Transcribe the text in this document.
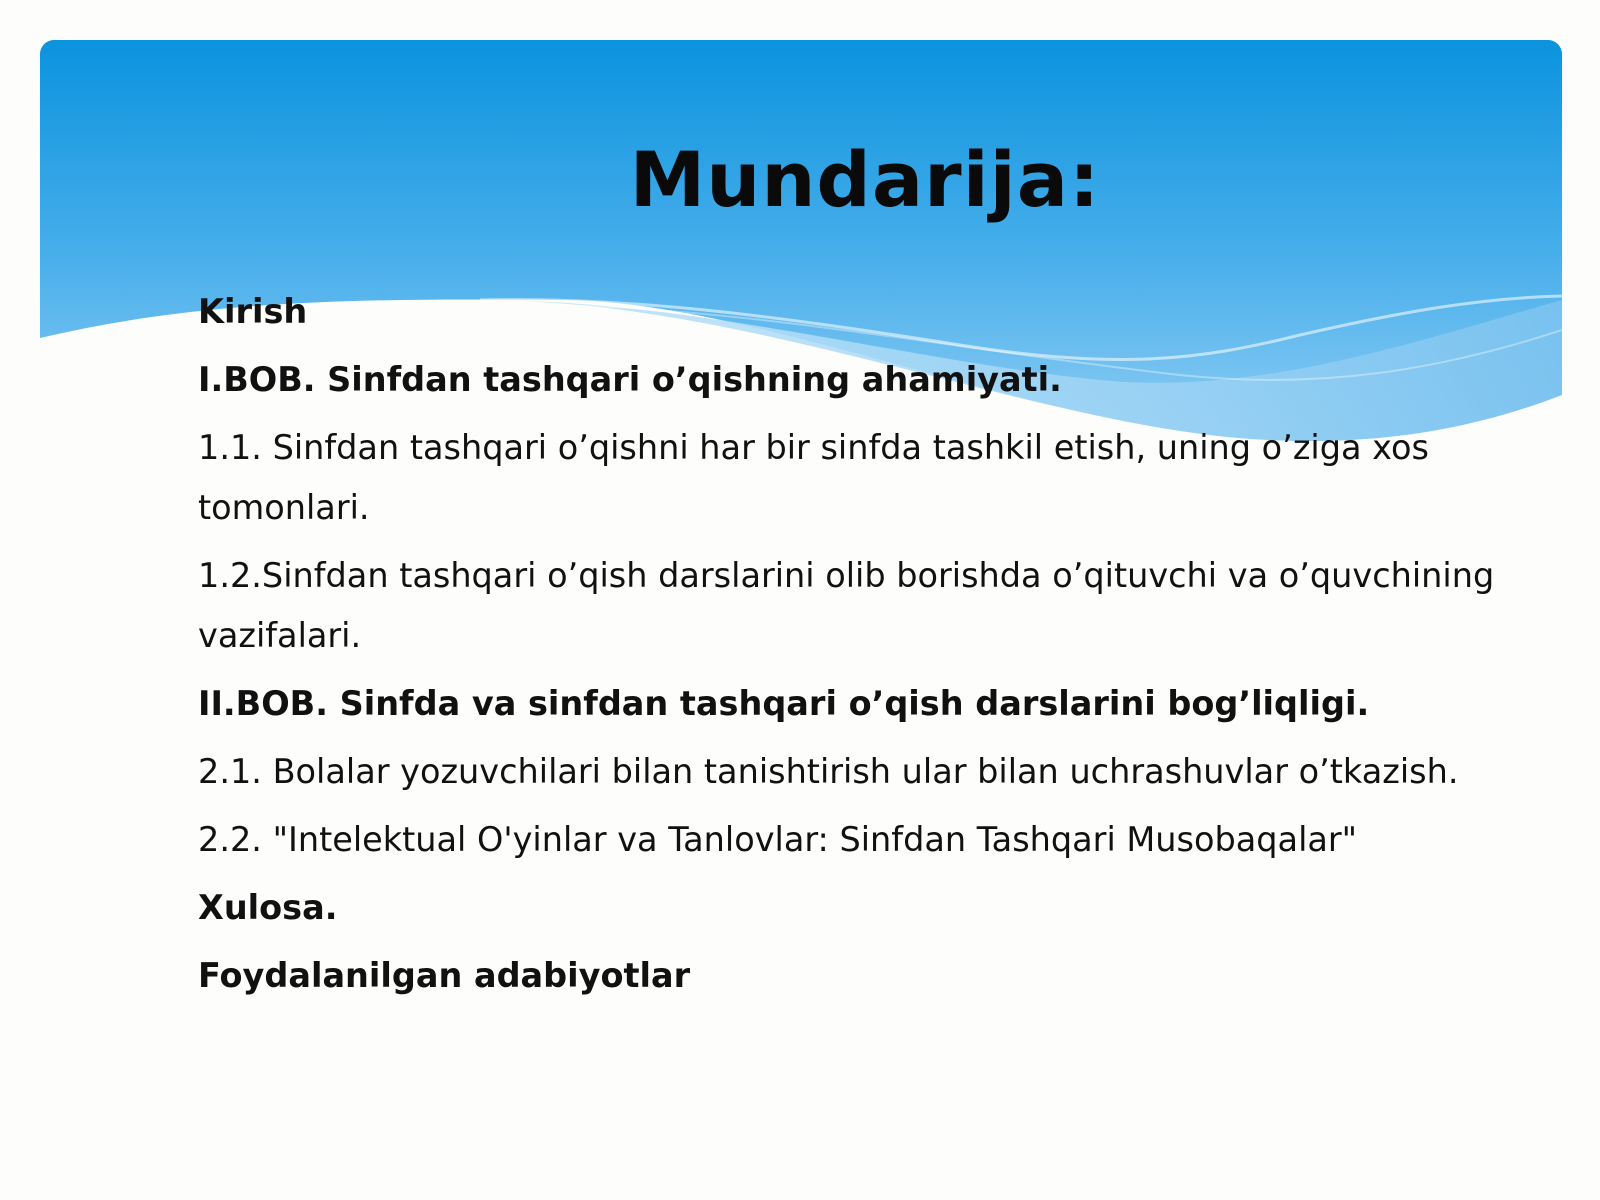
Mundarija:
Kirish
I.BOB. Sinfdan tashqari o’qishning ahamiyati.
1.1. Sinfdan tashqari o’qishni har bir sinfda tashkil etish, uning o’ziga xos tomonlari.
1.2.Sinfdan tashqari o’qish darslarini olib borishda o’qituvchi va o’quvchining vazifalari.
II.BOB. Sinfda va sinfdan tashqari o’qish darslarini bog’liqligi.
2.1. Bolalar yozuvchilari bilan tanishtirish ular bilan uchrashuvlar o’tkazish.
2.2. "Intelektual O'yinlar va Tanlovlar: Sinfdan Tashqari Musobaqalar"
Xulosa.
Foydalanilgan adabiyotlar
